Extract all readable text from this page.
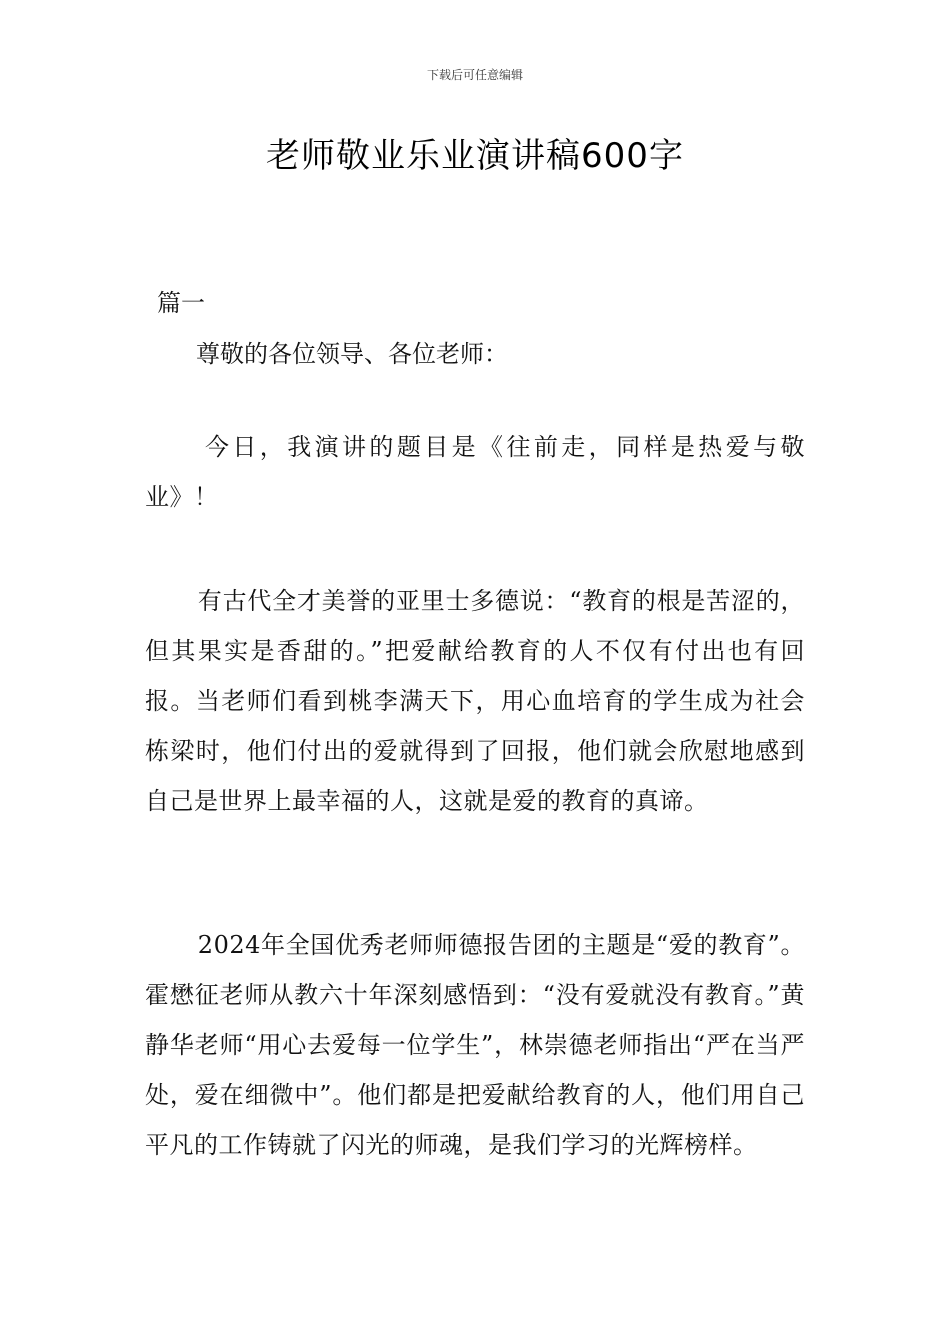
下载后可任意编辑
老师敬业乐业演讲稿600字
篇一
尊敬的各位领导、各位老师：

今日，我演讲的题目是《往前走，同样是热爱与敬业》！

有古代全才美誉的亚里士多德说：“教育的根是苦涩的，但其果实是香甜的。”把爱献给教育的人不仅有付出也有回报。当老师们看到桃李满天下，用心血培育的学生成为社会栋梁时，他们付出的爱就得到了回报，他们就会欣慰地感到自己是世界上最幸福的人，这就是爱的教育的真谛。

2024年全国优秀老师师德报告团的主题是“爱的教育”。霍懋征老师从教六十年深刻感悟到：“没有爱就没有教育。”黄静华老师“用心去爱每一位学生”，林崇德老师指出“严在当严处，爱在细微中”。他们都是把爱献给教育的人，他们用自己平凡的工作铸就了闪光的师魂，是我们学习的光辉榜样。
